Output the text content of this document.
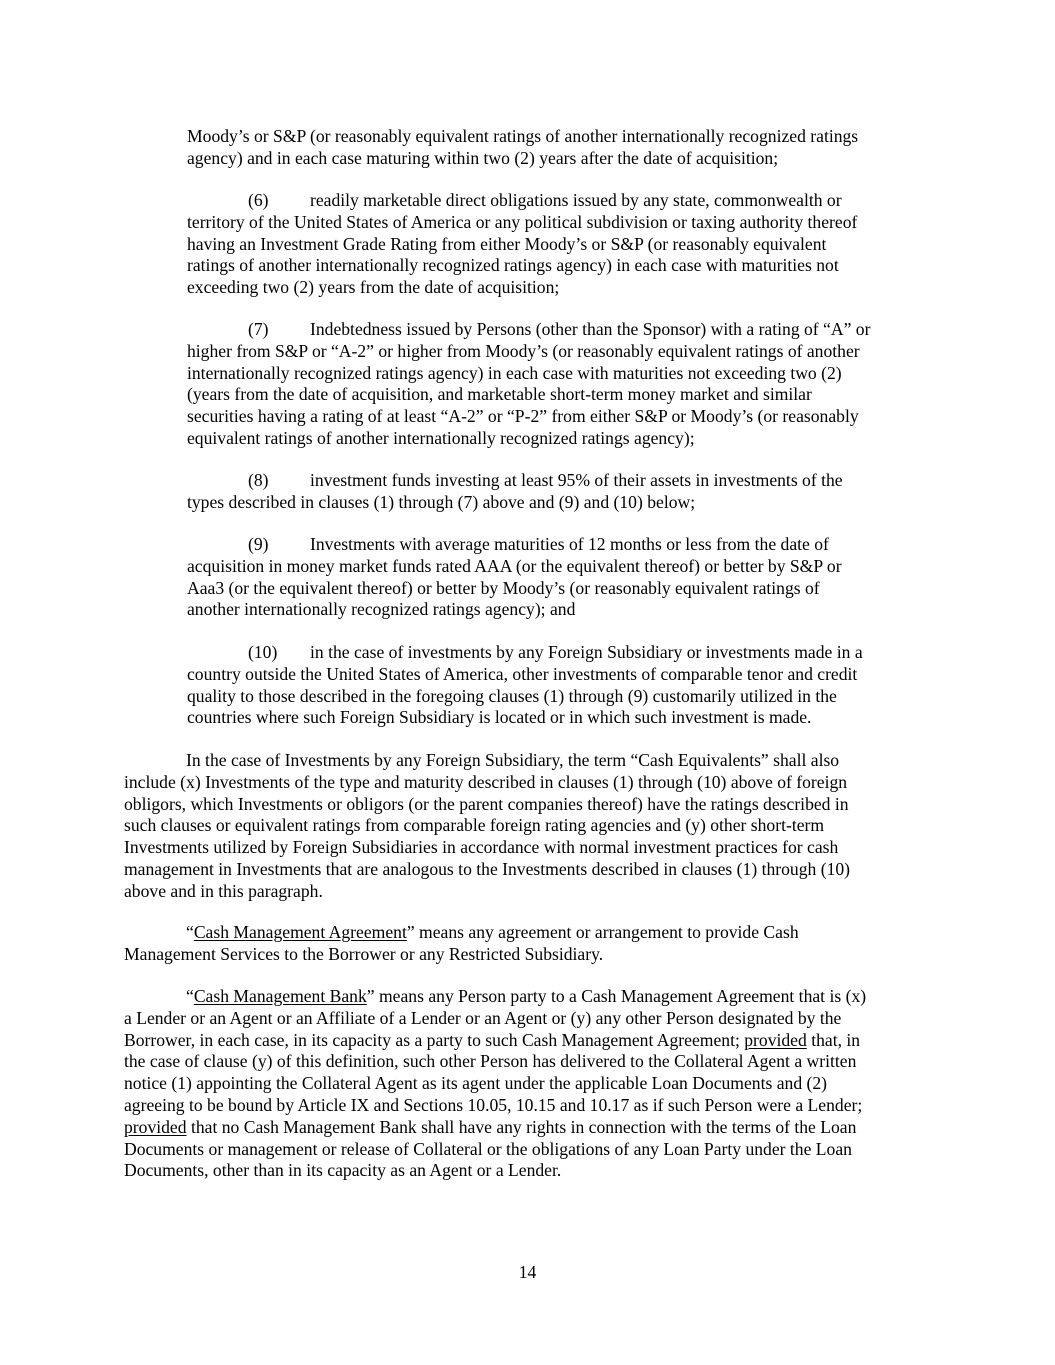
Moody’s or S&P (or reasonably equivalent ratings of another internationally recognized ratings
agency) and in each case maturing within two (2) years after the date of acquisition;
(6) readily marketable direct obligations issued by any state, commonwealth or
territory of the United States of America or any political subdivision or taxing authority thereof
having an Investment Grade Rating from either Moody’s or S&P (or reasonably equivalent
ratings of another internationally recognized ratings agency) in each case with maturities not
exceeding two (2) years from the date of acquisition;
(7) Indebtedness issued by Persons (other than the Sponsor) with a rating of “A” or
higher from S&P or “A-2” or higher from Moody’s (or reasonably equivalent ratings of another
internationally recognized ratings agency) in each case with maturities not exceeding two (2)
(years from the date of acquisition, and marketable short-term money market and similar
securities having a rating of at least “A-2” or “P-2” from either S&P or Moody’s (or reasonably
equivalent ratings of another internationally recognized ratings agency);
(8) investment funds investing at least 95% of their assets in investments of the
types described in clauses (1) through (7) above and (9) and (10) below;
(9) Investments with average maturities of 12 months or less from the date of
acquisition in money market funds rated AAA (or the equivalent thereof) or better by S&P or
Aaa3 (or the equivalent thereof) or better by Moody’s (or reasonably equivalent ratings of
another internationally recognized ratings agency); and
(10) in the case of investments by any Foreign Subsidiary or investments made in a
country outside the United States of America, other investments of comparable tenor and credit
quality to those described in the foregoing clauses (1) through (9) customarily utilized in the
countries where such Foreign Subsidiary is located or in which such investment is made.
In the case of Investments by any Foreign Subsidiary, the term “Cash Equivalents” shall also
include (x) Investments of the type and maturity described in clauses (1) through (10) above of foreign
obligors, which Investments or obligors (or the parent companies thereof) have the ratings described in
such clauses or equivalent ratings from comparable foreign rating agencies and (y) other short-term
Investments utilized by Foreign Subsidiaries in accordance with normal investment practices for cash
management in Investments that are analogous to the Investments described in clauses (1) through (10)
above and in this paragraph.
“Cash Management Agreement” means any agreement or arrangement to provide Cash
Management Services to the Borrower or any Restricted Subsidiary.
“Cash Management Bank” means any Person party to a Cash Management Agreement that is (x)
a Lender or an Agent or an Affiliate of a Lender or an Agent or (y) any other Person designated by the
Borrower, in each case, in its capacity as a party to such Cash Management Agreement; provided that, in
the case of clause (y) of this definition, such other Person has delivered to the Collateral Agent a written
notice (1) appointing the Collateral Agent as its agent under the applicable Loan Documents and (2)
agreeing to be bound by Article IX and Sections 10.05, 10.15 and 10.17 as if such Person were a Lender;
provided that no Cash Management Bank shall have any rights in connection with the terms of the Loan
Documents or management or release of Collateral or the obligations of any Loan Party under the Loan
Documents, other than in its capacity as an Agent or a Lender.
14
